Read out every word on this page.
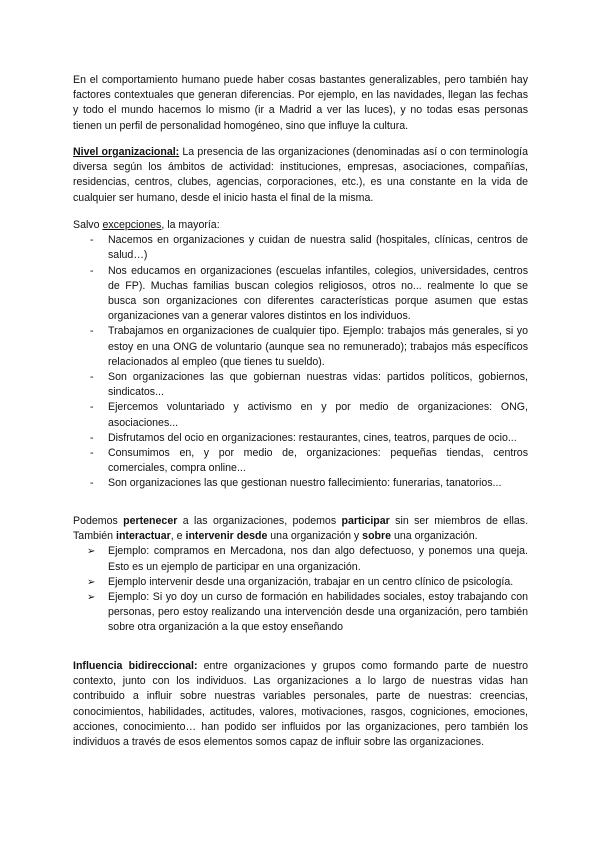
En el comportamiento humano puede haber cosas bastantes generalizables, pero también hay factores contextuales que generan diferencias. Por ejemplo, en las navidades, llegan las fechas y todo el mundo hacemos lo mismo (ir a Madrid a ver las luces), y no todas esas personas tienen un perfil de personalidad homogéneo, sino que influye la cultura.

Nivel organizacional: La presencia de las organizaciones (denominadas así o con terminología diversa según los ámbitos de actividad: instituciones, empresas, asociaciones, compañías, residencias, centros, clubes, agencias, corporaciones, etc.), es una constante en la vida de cualquier ser humano, desde el inicio hasta el final de la misma.

Salvo excepciones, la mayoría:

- Nacemos en organizaciones y cuidan de nuestra salid (hospitales, clínicas, centros de salud…)
- Nos educamos en organizaciones (escuelas infantiles, colegios, universidades, centros de FP). Muchas familias buscan colegios religiosos, otros no... realmente lo que se busca son organizaciones con diferentes características porque asumen que estas organizaciones van a generar valores distintos en los individuos.
- Trabajamos en organizaciones de cualquier tipo. Ejemplo: trabajos más generales, si yo estoy en una ONG de voluntario (aunque sea no remunerado); trabajos más específicos relacionados al empleo (que tienes tu sueldo).
- Son organizaciones las que gobiernan nuestras vidas: partidos políticos, gobiernos, sindicatos...
- Ejercemos voluntariado y activismo en y por medio de organizaciones: ONG, asociaciones...
- Disfrutamos del ocio en organizaciones: restaurantes, cines, teatros, parques de ocio...
- Consumimos en, y por medio de, organizaciones: pequeñas tiendas, centros comerciales, compra online...
- Son organizaciones las que gestionan nuestro fallecimiento: funerarias, tanatorios...

Podemos pertenecer a las organizaciones, podemos participar sin ser miembros de ellas. También interactuar, e intervenir desde una organización y sobre una organización.

➢ Ejemplo: compramos en Mercadona, nos dan algo defectuoso, y ponemos una queja. Esto es un ejemplo de participar en una organización.
➢ Ejemplo intervenir desde una organización, trabajar en un centro clínico de psicología.
➢ Ejemplo: Si yo doy un curso de formación en habilidades sociales, estoy trabajando con personas, pero estoy realizando una intervención desde una organización, pero también sobre otra organización a la que estoy enseñando

Influencia bidireccional: entre organizaciones y grupos como formando parte de nuestro contexto, junto con los individuos. Las organizaciones a lo largo de nuestras vidas han contribuido a influir sobre nuestras variables personales, parte de nuestras: creencias, conocimientos, habilidades, actitudes, valores, motivaciones, rasgos, cogniciones, emociones, acciones, conocimiento… han podido ser influidos por las organizaciones, pero también los individuos a través de esos elementos somos capaz de influir sobre las organizaciones.
